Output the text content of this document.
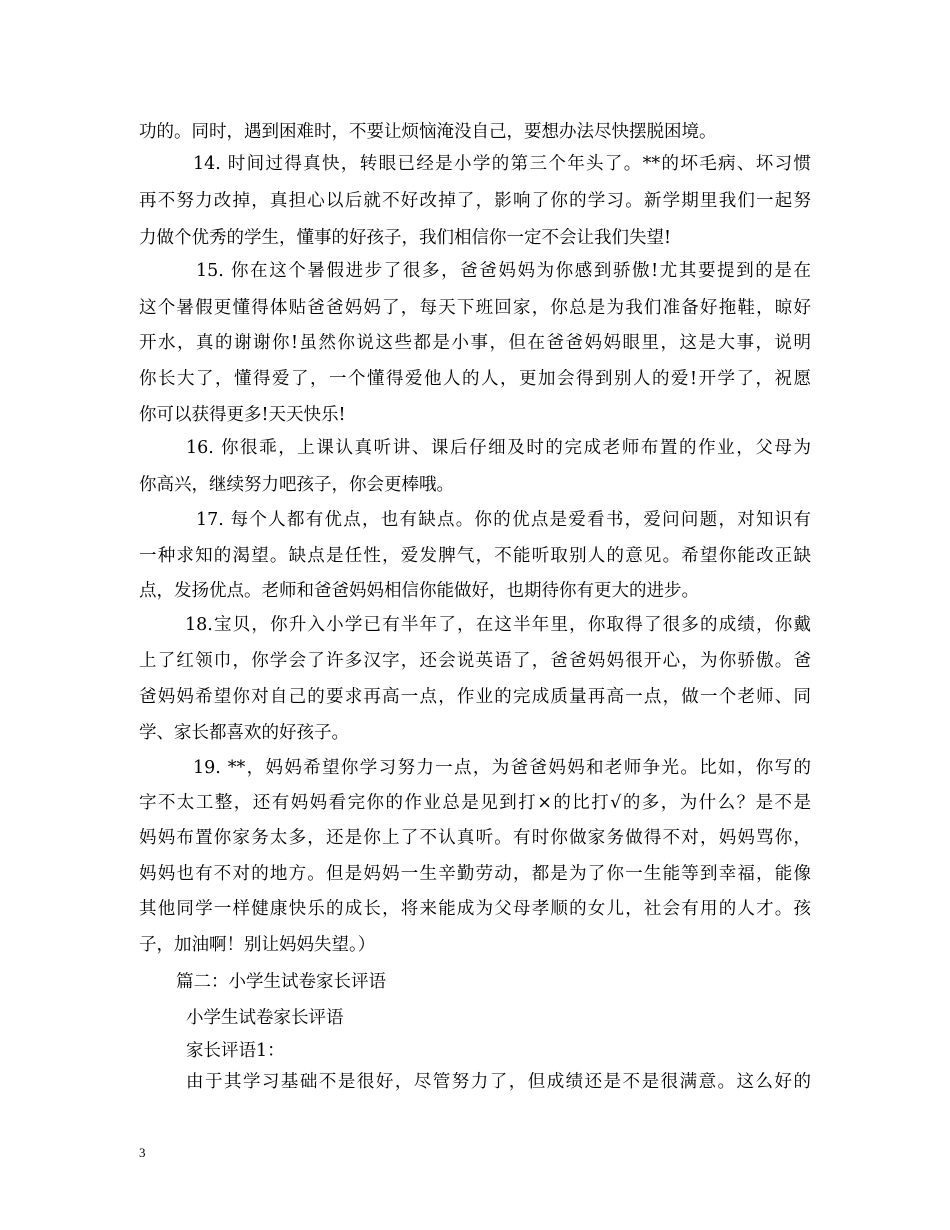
功的。同时，遇到困难时，不要让烦恼淹没自己，要想办法尽快摆脱困境。
14. 时间过得真快，转眼已经是小学的第三个年头了。**的坏毛病、坏习惯
再不努力改掉，真担心以后就不好改掉了，影响了你的学习。新学期里我们一起努
力做个优秀的学生，懂事的好孩子，我们相信你一定不会让我们失望!
15. 你在这个暑假进步了很多，爸爸妈妈为你感到骄傲!尤其要提到的是在
这个暑假更懂得体贴爸爸妈妈了，每天下班回家，你总是为我们准备好拖鞋，晾好
开水，真的谢谢你!虽然你说这些都是小事，但在爸爸妈妈眼里，这是大事，说明
你长大了，懂得爱了，一个懂得爱他人的人，更加会得到别人的爱!开学了，祝愿
你可以获得更多!天天快乐!
16. 你很乖，上课认真听讲、课后仔细及时的完成老师布置的作业，父母为
你高兴，继续努力吧孩子，你会更棒哦。
17. 每个人都有优点，也有缺点。你的优点是爱看书，爱问问题，对知识有
一种求知的渴望。缺点是任性，爱发脾气，不能听取别人的意见。希望你能改正缺
点，发扬优点。老师和爸爸妈妈相信你能做好，也期待你有更大的进步。
18.宝贝，你升入小学已有半年了，在这半年里，你取得了很多的成绩，你戴
上了红领巾，你学会了许多汉字，还会说英语了，爸爸妈妈很开心，为你骄傲。爸
爸妈妈希望你对自己的要求再高一点，作业的完成质量再高一点，做一个老师、同
学、家长都喜欢的好孩子。
19. **，妈妈希望你学习努力一点，为爸爸妈妈和老师争光。比如，你写的
字不太工整，还有妈妈看完你的作业总是见到打×的比打√的多，为什么？是不是
妈妈布置你家务太多，还是你上了不认真听。有时你做家务做得不对，妈妈骂你，
妈妈也有不对的地方。但是妈妈一生辛勤劳动，都是为了你一生能等到幸福，能像
其他同学一样健康快乐的成长，将来能成为父母孝顺的女儿，社会有用的人才。孩
子，加油啊！别让妈妈失望。）
篇二：小学生试卷家长评语
小学生试卷家长评语
家长评语1：
由于其学习基础不是很好，尽管努力了，但成绩还是不是很满意。这么好的
3
